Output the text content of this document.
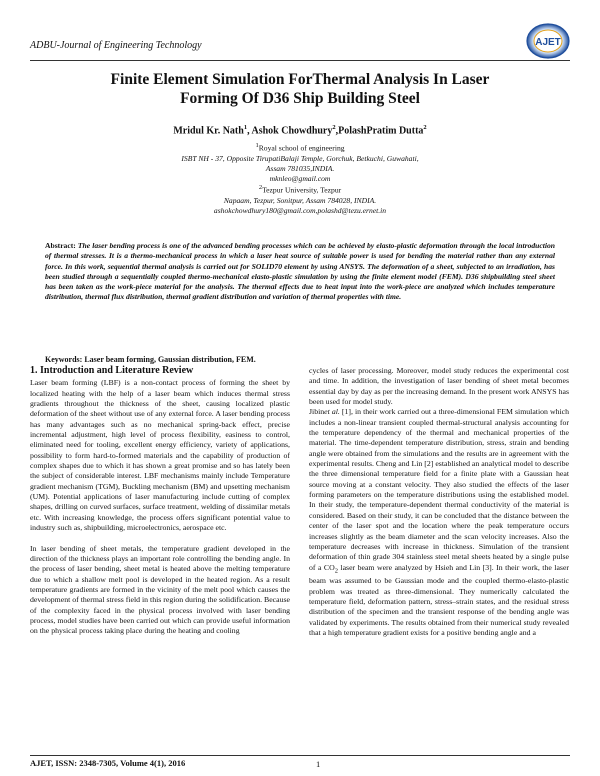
ADBU-Journal of Engineering Technology	AJET
Finite Element Simulation ForThermal Analysis In Laser
Forming Of D36 Ship Building Steel
Mridul Kr. Nath$^1$, Ashok Chowdhury$^2$,PolashPratim Dutta$^2$
$^1$Royal school of engineering
ISBT NH - 37, Opposite TirupatiBalaji Temple, Gorchuk, Betkuchi, Guwahati,
Assam 781035,INDIA.
mknleo@gmail.com
$^2$Tezpur University, Tezpur
Napaam, Tezpur, Sonitpur, Assam 784028, INDIA.
ashokchowdhury180@gmail.com,polashd@tezu.ernet.in
Abstract: The laser bending process is one of the advanced bending processes which can be achieved by elasto-plastic deformation through the local introduction of thermal stresses. It is a thermo-mechanical process in which a laser heat source of suitable power is used for bending the material rather than any external force. In this work, sequential thermal analysis is carried out for SOLID70 element by using ANSYS. The deformation of a sheet, subjected to an irradiation, has been studied through a sequentially coupled thermo-mechanical elasto-plastic simulation by using the finite element model (FEM). D36 shipbuilding steel sheet has been taken as the work-piece material for the analysis. The thermal effects due to heat input into the work-piece are analyzed which includes temperature distribution, thermal flux distribution, thermal gradient distribution and variation of thermal properties with time.
Keywords: Laser beam forming, Gaussian distribution, FEM.

1. Introduction and Literature Review

Laser beam forming (LBF) is a non-contact process of forming the sheet by localized heating with the help of a laser beam which induces thermal stress gradients throughout the thickness of the sheet, causing localized plastic deformation of the sheet without use of any external force. A laser bending process has many advantages such as no mechanical spring-back effect, precise incremental adjustment, high level of process flexibility, easiness to control, eliminated need for tooling, excellent energy efficiency, variety of applications, possibility to form hard-to-formed materials and the capability of production of complex shapes due to which it has shown a great promise and so has lately been the subject of considerable interest. LBF mechanisms mainly include Temperature gradient mechanism (TGM), Buckling mechanism (BM) and upsetting mechanism (UM). Potential applications of laser manufacturing include cutting of complex shapes, drilling on curved surfaces, surface treatment, welding of dissimilar metals etc. With increasing knowledge, the process offers significant potential value to industry such as, shipbuilding, microelectronics, aerospace etc.

In laser bending of sheet metals, the temperature gradient developed in the direction of the thickness plays an important role controlling the bending angle. In the process of laser bending, sheet metal is heated above the melting temperature due to which a shallow melt pool is developed in the heated region. As a result temperature gradients are formed in the vicinity of the melt pool which causes the development of thermal stress field in this region during the solidification. Because of the complexity faced in the physical process involved with laser bending process, model studies have been carried out which can provide useful information on the physical process taking place during the heating and cooling

cycles of laser processing. Moreover, model study reduces the experimental cost and time. In addition, the investigation of laser bending of sheet metal becomes essential day by day as per the increasing demand. In the present work ANSYS has been used for model study.

Jibinet al. [1], in their work carried out a three-dimensional FEM simulation which includes a non-linear transient coupled thermal-structural analysis accounting for the temperature dependency of the thermal and mechanical properties of the material. The time-dependent temperature distribution, stress, strain and bending angle were obtained from the simulations and the results are in agreement with the experimental results. Cheng and Lin [2] established an analytical model to describe the three dimensional temperature field for a finite plate with a Gaussian heat source moving at a constant velocity. They also studied the effects of the laser forming parameters on the temperature distributions using the established model. In their study, the temperature-dependent thermal conductivity of the material is considered. Based on their study, it can be concluded that the distance between the center of the laser spot and the location where the peak temperature occurs increases slightly as the beam diameter and the scan velocity increases. Also the temperature decreases with increase in thickness. Simulation of the transient deformation of thin grade 304 stainless steel metal sheets heated by a single pulse of a $CO_2$ laser beam were analyzed by Hsieh and Lin [3]. In their work, the laser beam was assumed to be Gaussian mode and the coupled thermo-elasto-plastic problem was treated as three-dimensional. They numerically calculated the temperature field, deformation pattern, stress–strain states, and the residual stress distribution of the specimen and the transient response of the bending angle was validated by experiments. The results obtained from their numerical study revealed that a high temperature gradient exists for a positive bending angle and a

AJET, ISSN: 2348-7305, Volume 4(1), 2016	1
